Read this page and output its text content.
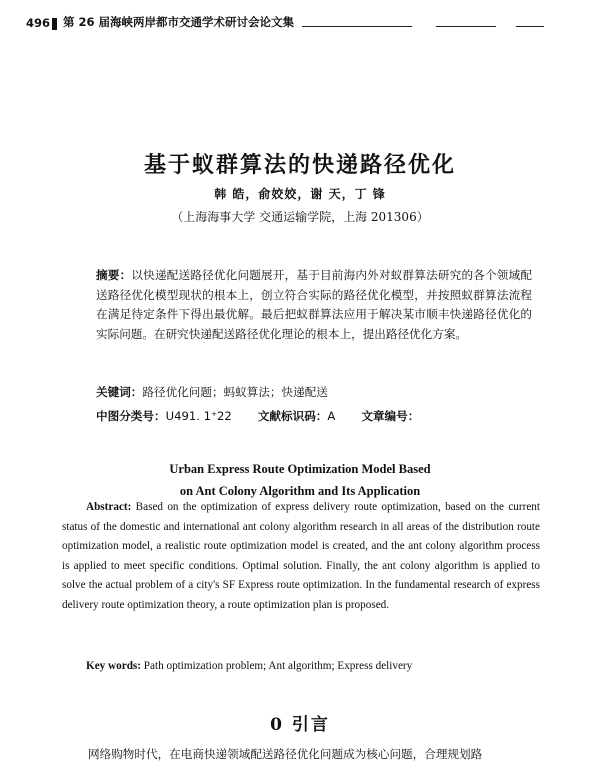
496 第 26 届海峡两岸都市交通学术研讨会论文集
基于蚁群算法的快递路径优化
韩 皓，俞姣姣，谢 天，丁 锋
（上海海事大学 交通运输学院，上海 201306）
摘要：以快递配送路径优化问题展开，基于目前海内外对蚁群算法研究的各个领域配送路径优化模型现状的根本上，创立符合实际的路径优化模型，并按照蚁群算法流程在满足待定条件下得出最优解。最后把蚁群算法应用于解决某市顺丰快递路径优化的实际问题。在研究快递配送路径优化理论的根本上，提出路径优化方案。
关键词：路径优化问题；蚂蚁算法；快递配送
中图分类号：U491. 1⁺22 文献标识码：A 文章编号：
Urban Express Route Optimization Model Based
on Ant Colony Algorithm and Its Application
Abstract: Based on the optimization of express delivery route optimization, based on the current status of the domestic and international ant colony algorithm research in all areas of the distribution route optimization model, a realistic route optimization model is created, and the ant colony algorithm process is applied to meet specific conditions. Optimal solution. Finally, the ant colony algorithm is applied to solve the actual problem of a city's SF Express route optimization. In the fundamental research of express delivery route optimization theory, a route optimization plan is proposed.
Key words: Path optimization problem; Ant algorithm; Express delivery
0 引言
网络购物时代，在电商快递领域配送路径优化问题成为核心问题，合理规划路
